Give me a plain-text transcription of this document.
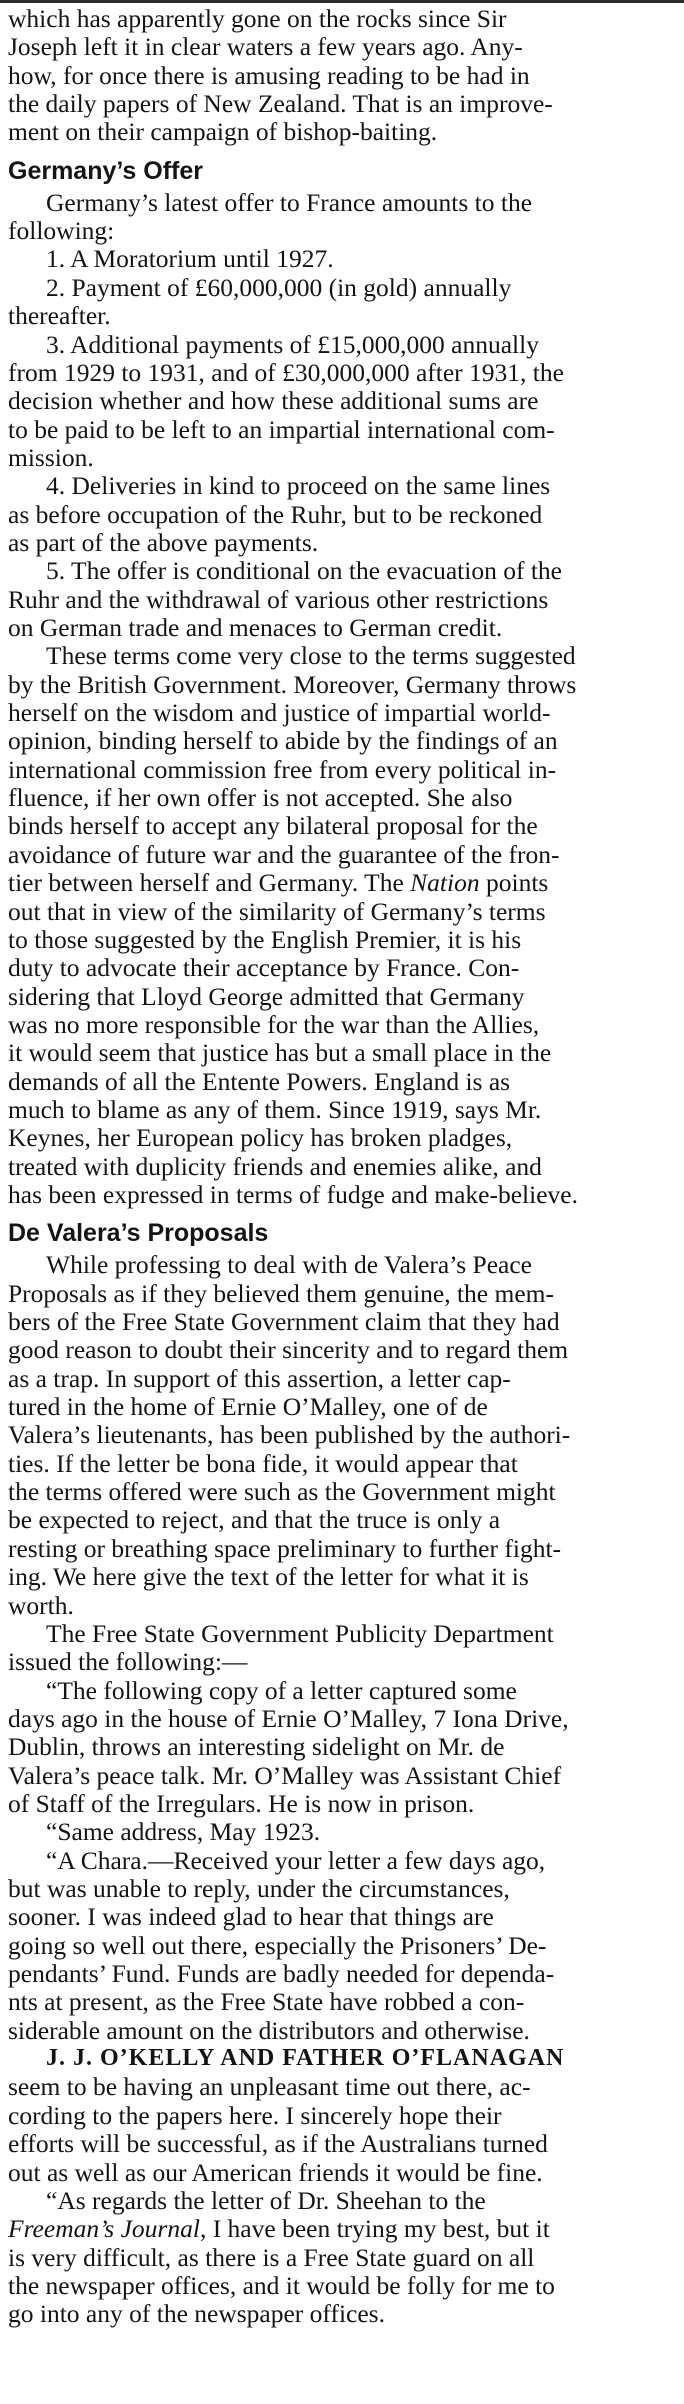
which has apparently gone on the rocks since Sir
Joseph left it in clear waters a few years ago. Any-
how, for once there is amusing reading to be had in
the daily papers of New Zealand. That is an improve-
ment on their campaign of bishop-baiting.
Germany’s Offer
Germany’s latest offer to France amounts to the
following:
1. A Moratorium until 1927.
2. Payment of £60,000,000 (in gold) annually
thereafter.
3. Additional payments of £15,000,000 annually
from 1929 to 1931, and of £30,000,000 after 1931, the
decision whether and how these additional sums are
to be paid to be left to an impartial international com-
mission.
4. Deliveries in kind to proceed on the same lines
as before occupation of the Ruhr, but to be reckoned
as part of the above payments.
5. The offer is conditional on the evacuation of the
Ruhr and the withdrawal of various other restrictions
on German trade and menaces to German credit.
These terms come very close to the terms suggested
by the British Government. Moreover, Germany throws
herself on the wisdom and justice of impartial world-
opinion, binding herself to abide by the findings of an
international commission free from every political in-
fluence, if her own offer is not accepted. She also
binds herself to accept any bilateral proposal for the
avoidance of future war and the guarantee of the fron-
tier between herself and Germany. The Nation points
out that in view of the similarity of Germany’s terms
to those suggested by the English Premier, it is his
duty to advocate their acceptance by France. Con-
sidering that Lloyd George admitted that Germany
was no more responsible for the war than the Allies,
it would seem that justice has but a small place in the
demands of all the Entente Powers. England is as
much to blame as any of them. Since 1919, says Mr.
Keynes, her European policy has broken pladges,
treated with duplicity friends and enemies alike, and
has been expressed in terms of fudge and make-believe.
De Valera’s Proposals
While professing to deal with de Valera’s Peace
Proposals as if they believed them genuine, the mem-
bers of the Free State Government claim that they had
good reason to doubt their sincerity and to regard them
as a trap. In support of this assertion, a letter cap-
tured in the home of Ernie O’Malley, one of de
Valera’s lieutenants, has been published by the authori-
ties. If the letter be bona fide, it would appear that
the terms offered were such as the Government might
be expected to reject, and that the truce is only a
resting or breathing space preliminary to further fight-
ing. We here give the text of the letter for what it is
worth.
The Free State Government Publicity Department
issued the following:—
“The following copy of a letter captured some
days ago in the house of Ernie O’Malley, 7 Iona Drive,
Dublin, throws an interesting sidelight on Mr. de
Valera’s peace talk. Mr. O’Malley was Assistant Chief
of Staff of the Irregulars. He is now in prison.
“Same address, May 1923.
“A Chara.—Received your letter a few days ago,
but was unable to reply, under the circumstances,
sooner. I was indeed glad to hear that things are
going so well out there, especially the Prisoners’ De-
pendants’ Fund. Funds are badly needed for dependa-
nts at present, as the Free State have robbed a con-
siderable amount on the distributors and otherwise.
J. J. O’KELLY AND FATHER O’FLANAGAN
seem to be having an unpleasant time out there, ac-
cording to the papers here. I sincerely hope their
efforts will be successful, as if the Australians turned
out as well as our American friends it would be fine.
“As regards the letter of Dr. Sheehan to the
Freeman’s Journal, I have been trying my best, but it
is very difficult, as there is a Free State guard on all
the newspaper offices, and it would be folly for me to
go into any of the newspaper offices.
